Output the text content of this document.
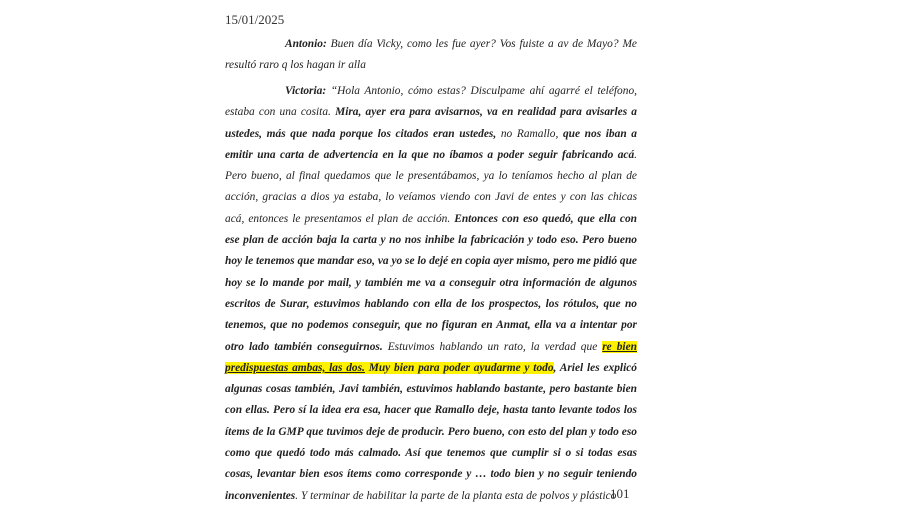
15/01/2025
Antonio: Buen día Vicky, como les fue ayer? Vos fuiste a av de Mayo? Me resultó raro q los hagan ir alla
Victoria: “Hola Antonio, cómo estas? Disculpame ahí agarré el teléfono, estaba con una cosita. Mira, ayer era para avisarnos, va en realidad para avisarles a ustedes, más que nada porque los citados eran ustedes, no Ramallo, que nos iban a emitir una carta de advertencia en la que no íbamos a poder seguir fabricando acá. Pero bueno, al final quedamos que le presentábamos, ya lo teníamos hecho al plan de acción, gracias a dios ya estaba, lo veíamos viendo con Javi de entes y con las chicas acá, entonces le presentamos el plan de acción. Entonces con eso quedó, que ella con ese plan de acción baja la carta y no nos inhibe la fabricación y todo eso. Pero bueno hoy le tenemos que mandar eso, va yo se lo dejé en copia ayer mismo, pero me pidió que hoy se lo mande por mail, y también me va a conseguir otra información de algunos escritos de Surar, estuvimos hablando con ella de los prospectos, los rótulos, que no tenemos, que no podemos conseguir, que no figuran en Anmat, ella va a intentar por otro lado también conseguirnos. Estuvimos hablando un rato, la verdad que re bien predispuestas ambas, las dos. Muy bien para poder ayudarme y todo, Ariel les explicó algunas cosas también, Javi también, estuvimos hablando bastante, pero bastante bien con ellas. Pero sí la idea era esa, hacer que Ramallo deje, hasta tanto levante todos los ítems de la GMP que tuvimos deje de producir. Pero bueno, con esto del plan y todo eso como que quedó todo más calmado. Así que tenemos que cumplir si o si todas esas cosas, levantar bien esos ítems como corresponde y … todo bien y no seguir teniendo inconvenientes. Y terminar de habilitar la parte de la planta esta de polvos y plástico
101
